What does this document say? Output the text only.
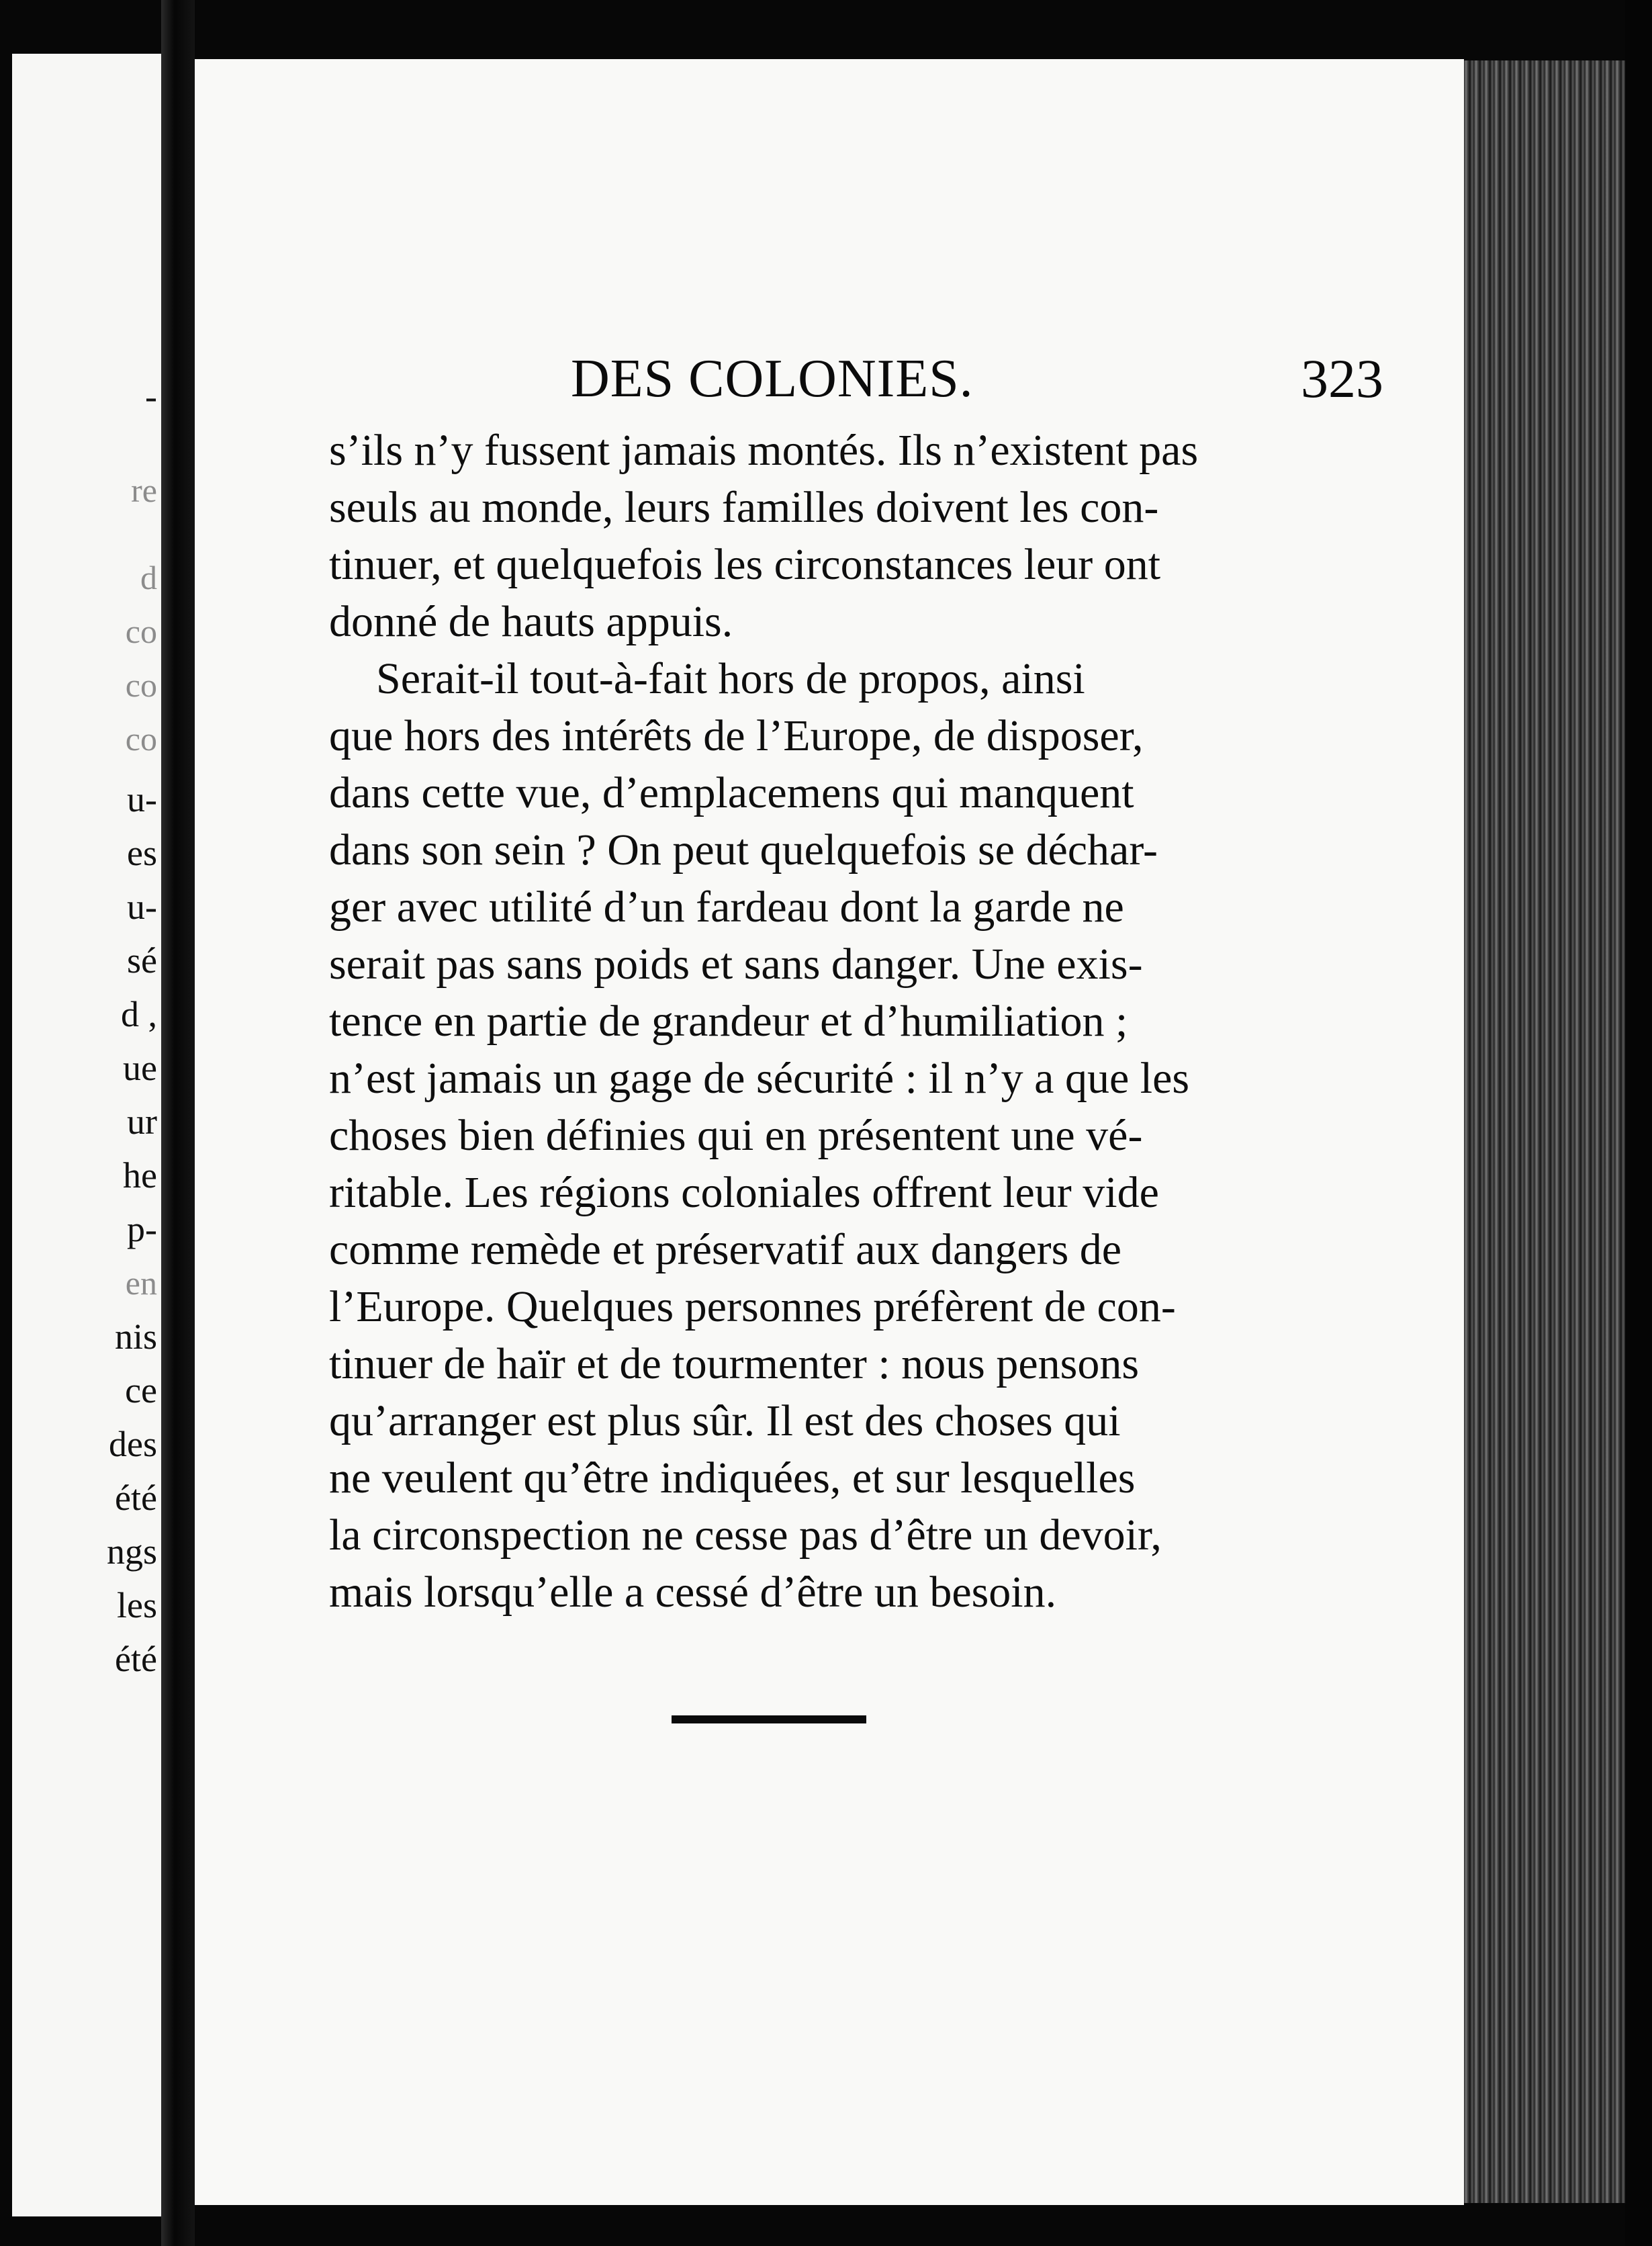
-
re
d
co
co
co
u-
es
u-
sé
d ,
ue
ur
he
p-
en
nis
ce
des
été
ngs
les
été
DES COLONIES.	323
s’ils n’y fussent jamais montés. Ils n’existent pas
seuls au monde, leurs familles doivent les con-
tinuer, et quelquefois les circonstances leur ont
donné de hauts appuis.
Serait-il tout-à-fait hors de propos, ainsi
que hors des intérêts de l’Europe, de disposer,
dans cette vue, d’emplacemens qui manquent
dans son sein ? On peut quelquefois se déchar-
ger avec utilité d’un fardeau dont la garde ne
serait pas sans poids et sans danger. Une exis-
tence en partie de grandeur et d’humiliation ;
n’est jamais un gage de sécurité : il n’y a que les
choses bien définies qui en présentent une vé-
ritable. Les régions coloniales offrent leur vide
comme remède et préservatif aux dangers de
l’Europe. Quelques personnes préfèrent de con-
tinuer de haïr et de tourmenter : nous pensons
qu’arranger est plus sûr. Il est des choses qui
ne veulent qu’être indiquées, et sur lesquelles
la circonspection ne cesse pas d’être un devoir,
mais lorsqu’elle a cessé d’être un besoin.
